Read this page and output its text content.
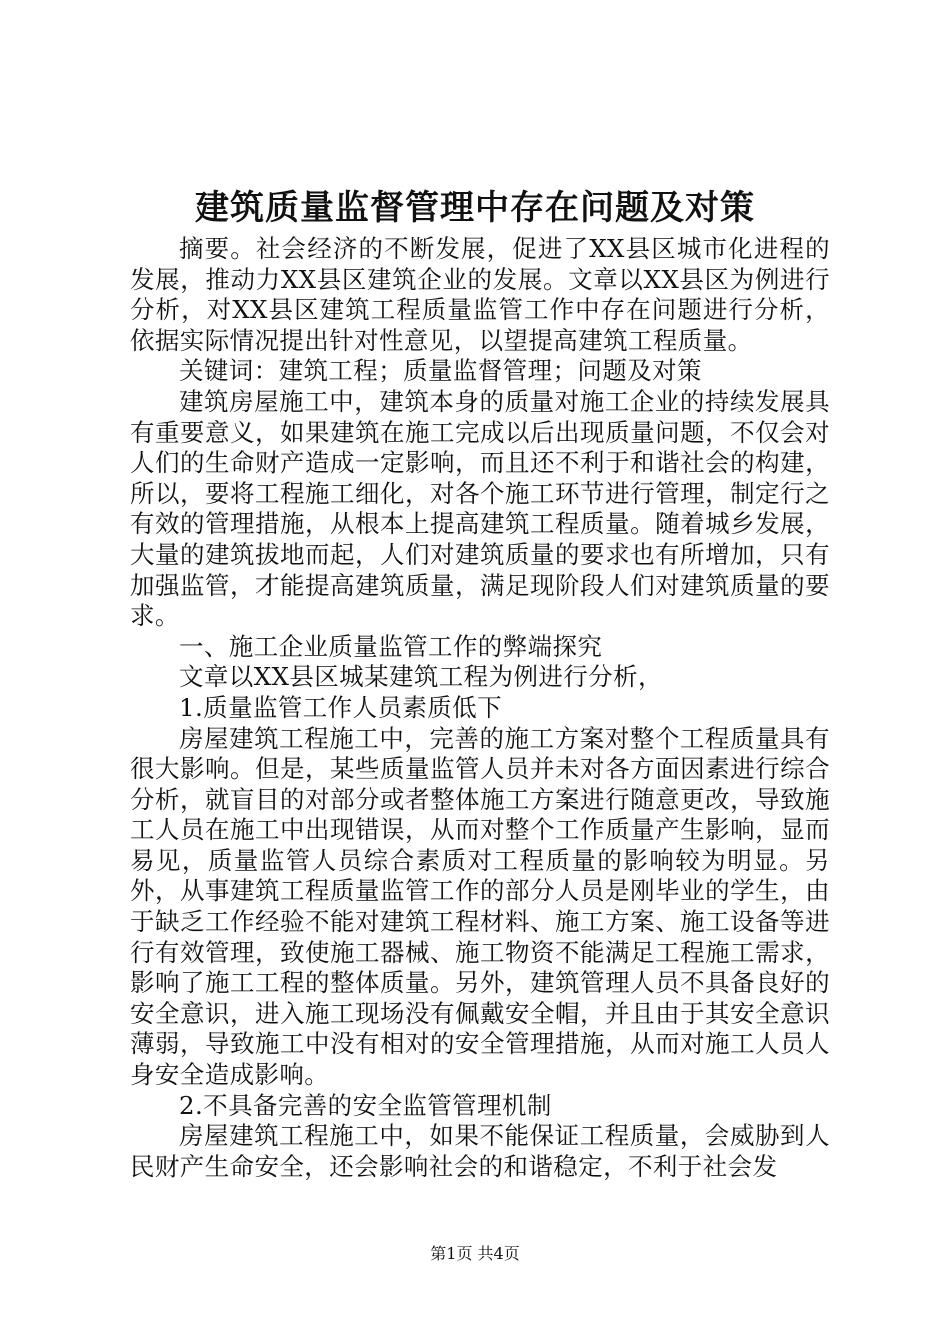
建筑质量监督管理中存在问题及对策

摘要。社会经济的不断发展，促进了XX县区城市化进程的发展，推动力XX县区建筑企业的发展。文章以XX县区为例进行分析，对XX县区建筑工程质量监管工作中存在问题进行分析，依据实际情况提出针对性意见，以望提高建筑工程质量。

关键词：建筑工程；质量监督管理；问题及对策

建筑房屋施工中，建筑本身的质量对施工企业的持续发展具有重要意义，如果建筑在施工完成以后出现质量问题，不仅会对人们的生命财产造成一定影响，而且还不利于和谐社会的构建，所以，要将工程施工细化，对各个施工环节进行管理，制定行之有效的管理措施，从根本上提高建筑工程质量。随着城乡发展，大量的建筑拔地而起，人们对建筑质量的要求也有所增加，只有加强监管，才能提高建筑质量，满足现阶段人们对建筑质量的要求。

一、施工企业质量监管工作的弊端探究

文章以XX县区城某建筑工程为例进行分析，

1.质量监管工作人员素质低下

房屋建筑工程施工中，完善的施工方案对整个工程质量具有很大影响。但是，某些质量监管人员并未对各方面因素进行综合分析，就盲目的对部分或者整体施工方案进行随意更改，导致施工人员在施工中出现错误，从而对整个工作质量产生影响，显而易见，质量监管人员综合素质对工程质量的影响较为明显。另外，从事建筑工程质量监管工作的部分人员是刚毕业的学生，由于缺乏工作经验不能对建筑工程材料、施工方案、施工设备等进行有效管理，致使施工器械、施工物资不能满足工程施工需求，影响了施工工程的整体质量。另外，建筑管理人员不具备良好的安全意识，进入施工现场没有佩戴安全帽，并且由于其安全意识薄弱，导致施工中没有相对的安全管理措施，从而对施工人员人身安全造成影响。

2.不具备完善的安全监管管理机制

房屋建筑工程施工中，如果不能保证工程质量，会威胁到人民财产生命安全，还会影响社会的和谐稳定，不利于社会发

第1页 共4页
